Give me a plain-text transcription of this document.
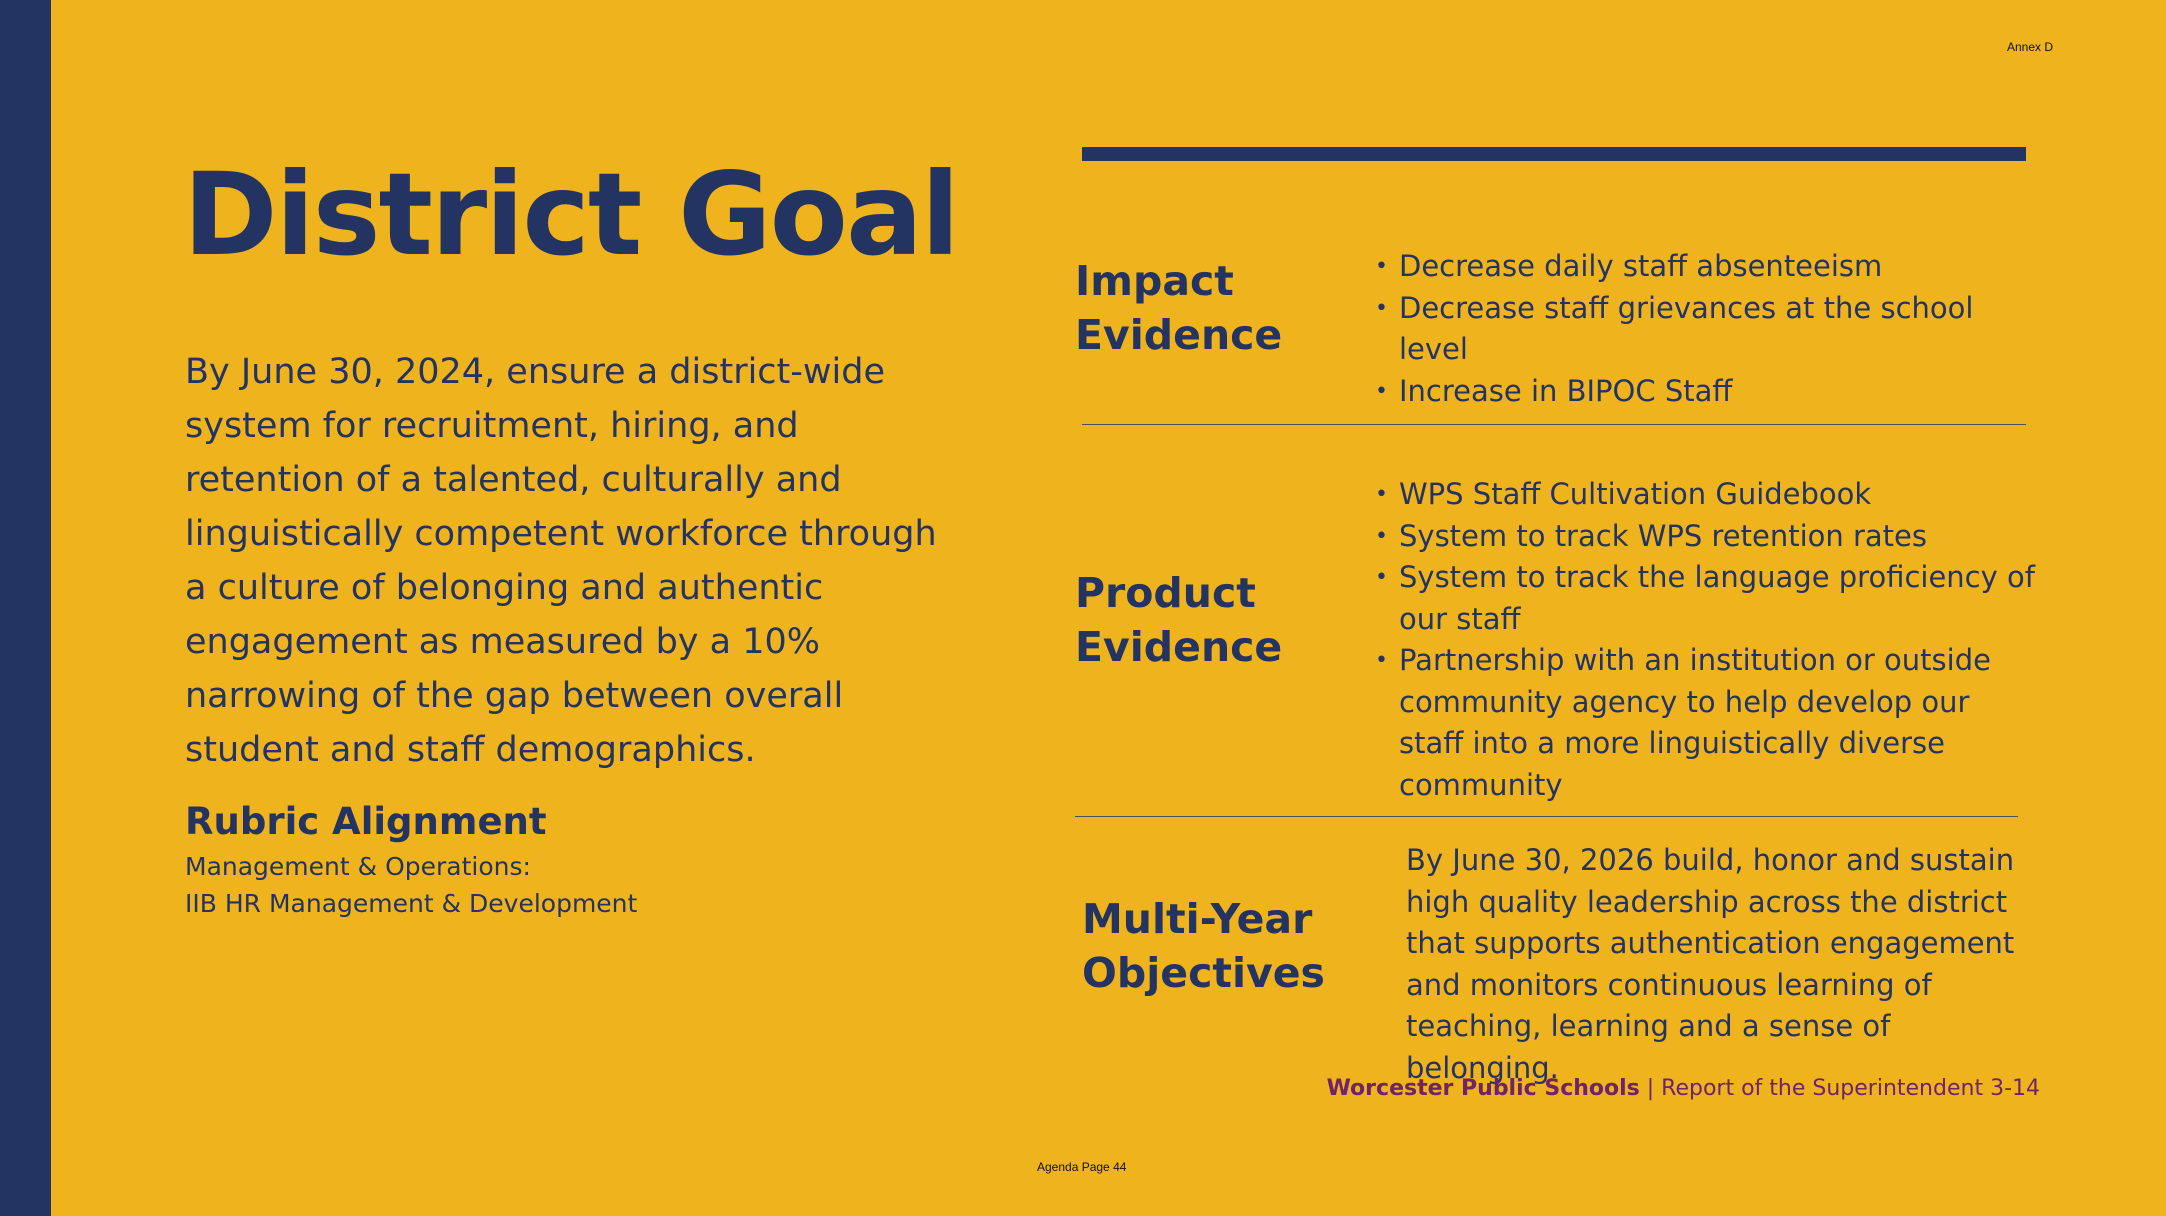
Annex D
District Goal

By June 30, 2024, ensure a district-wide system for recruitment, hiring, and retention of a talented, culturally and linguistically competent workforce through a culture of belonging and authentic engagement as measured by a 10% narrowing of the gap between overall student and staff demographics.

Rubric Alignment
Management & Operations:
IIB HR Management & Development
Impact
Evidence
• Decrease daily staff absenteeism
• Decrease staff grievances at the school level
• Increase in BIPOC Staff
Product
Evidence
• WPS Staff Cultivation Guidebook
• System to track WPS retention rates
• System to track the language proficiency of our staff
• Partnership with an institution or outside community agency to help develop our staff into a more linguistically diverse community
Multi-Year
Objectives

By June 30, 2026 build, honor and sustain high quality leadership across the district that supports authentication engagement and monitors continuous learning of teaching, learning and a sense of belonging.

Worcester Public Schools | Report of the Superintendent 3-14
Agenda Page 44
